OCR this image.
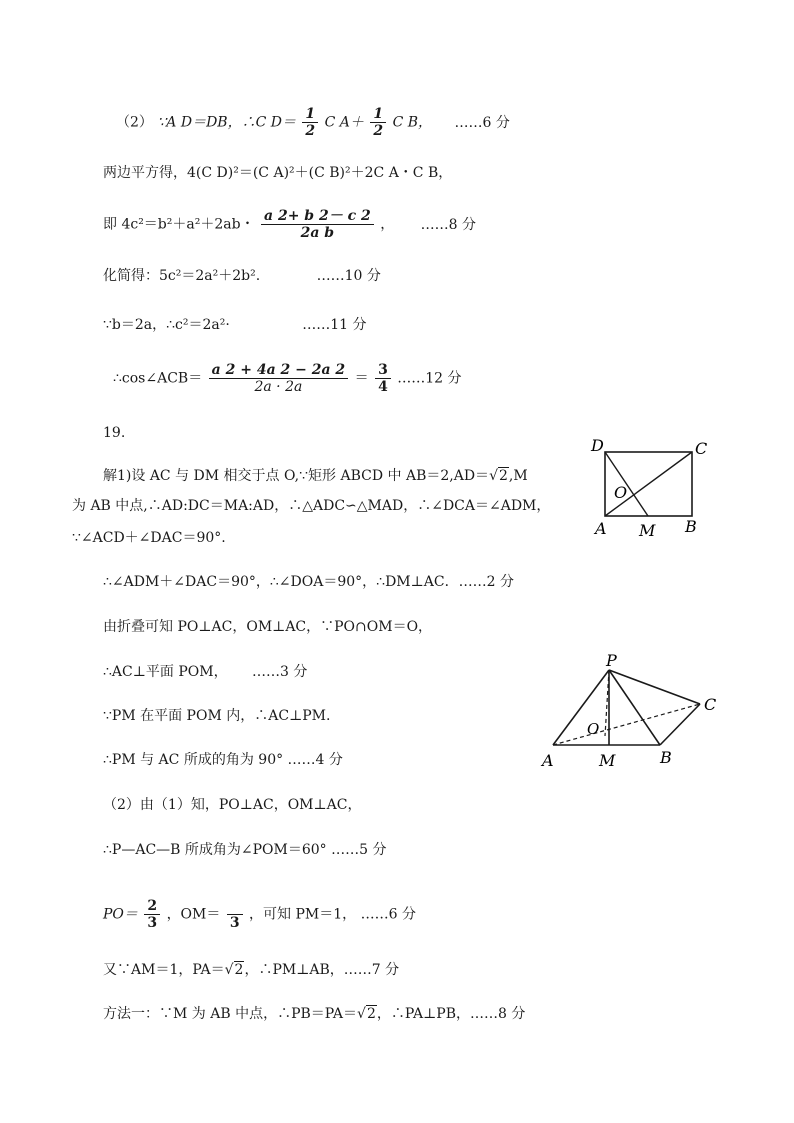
（2） ∵A D＝DB，∴C $D= \frac{1}{2}$ C $A+ \frac{1}{2}$ C B， ……6 分
两边平方得，4(C D)²＝(C A)²＋(C B)²＋2C A・C B，
即 4c²＝b²＋a²＋2ab・ $\frac{a 2+ b 2- c 2}{\text{2a b}}$ ， ……8 分
化简得：5c²＝2a²＋2b².	……10 分
∵b＝2a，∴c²＝2a²·	……11 分
∴cos∠ACB＝ $\frac{a 2 + 4a 2 - 2a 2}{2a \cdot 2a} = \frac{3}{4}$ ……12 分
19.
解1)设 AC 与 DM 相交于点 O,∵矩形 ABCD 中 AB＝2,AD＝√2,M
为 AB 中点,∴AD:DC＝MA:AD，∴△ADC∽△MAD，∴∠DCA＝∠ADM，
∵∠ACD＋∠DAC＝90°.
∴∠ADM＋∠DAC＝90°，∴∠DOA＝90°，∴DM⊥AC．……2 分
由折叠可知 PO⊥AC，OM⊥AC，∵PO∩OM＝O，
∴AC⊥平面 POM， ……3 分
∵PM 在平面 POM 内，∴AC⊥PM.
∴PM 与 AC 所成的角为 90° ……4 分
（2）由（1）知，PO⊥AC，OM⊥AC，
∴P—AC—B 所成角为∠POM＝60° ……5 分
$PO= \frac{2}{3}$ ，OM＝
3
，可知 PM＝1， ……6 分
又∵AM＝1，PA＝√2，∴PM⊥AB，……7 分
方法一：∵M 为 AB 中点，∴PB＝PA＝√2，∴PA⊥PB，……8 分
D	C
O
A M B
P
C
O
A	M	B
